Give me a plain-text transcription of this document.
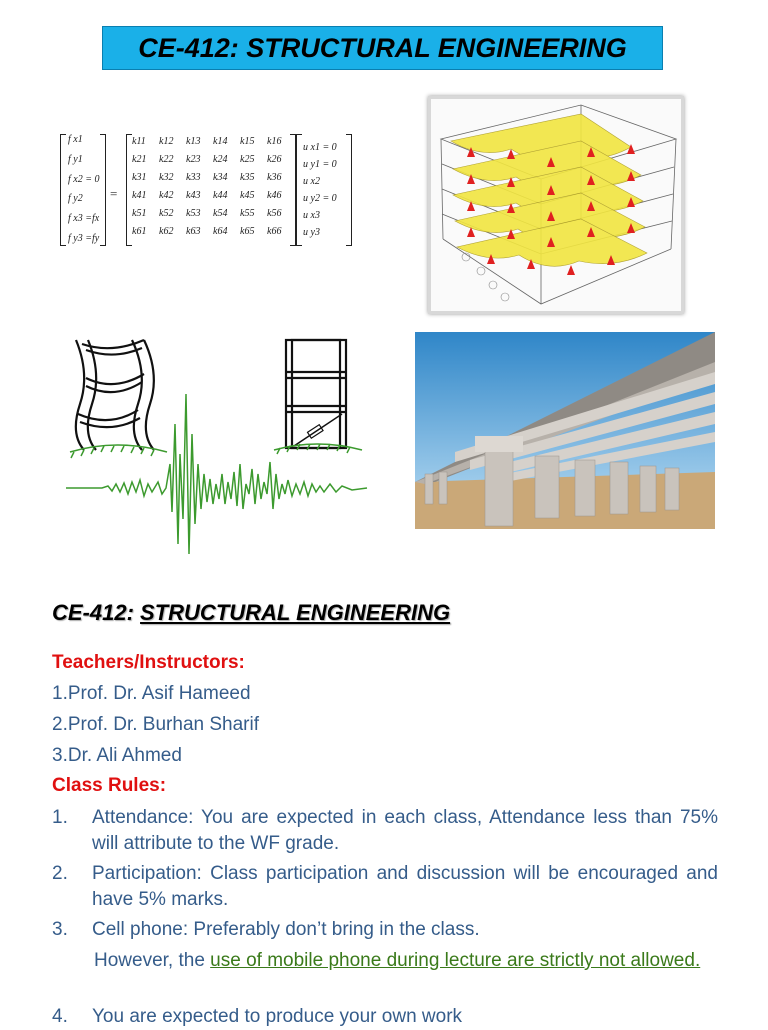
CE-412: STRUCTURAL ENGINEERING
f x1
f y1
f x2 = 0
f y2
f x3 =fx
f y3 =fy
=
k11	k12	k13	k14	k15	k16
k21	k22	k23	k24	k25	k26
k31	k32	k33	k34	k35	k36
k41	k42	k43	k44	k45	k46
k51	k52	k53	k54	k55	k56
k61	k62	k63	k64	k65	k66
u x1 = 0
u y1 = 0
u x2
u y2 = 0
u x3
u y3
CE-412: STRUCTURAL ENGINEERING
Teachers/Instructors:
1.Prof. Dr. Asif Hameed
2.Prof. Dr. Burhan Sharif
3.Dr. Ali Ahmed
Class Rules:
1.	Attendance: You are expected in each class, Attendance less than 75% will attribute to the WF grade.
2.	Participation: Class participation and discussion will be encouraged and have 5% marks.
3.	Cell phone: Preferably don’t bring in the class.
However, the use of mobile phone during lecture are strictly not allowed.
4.	You are expected to produce your own work
